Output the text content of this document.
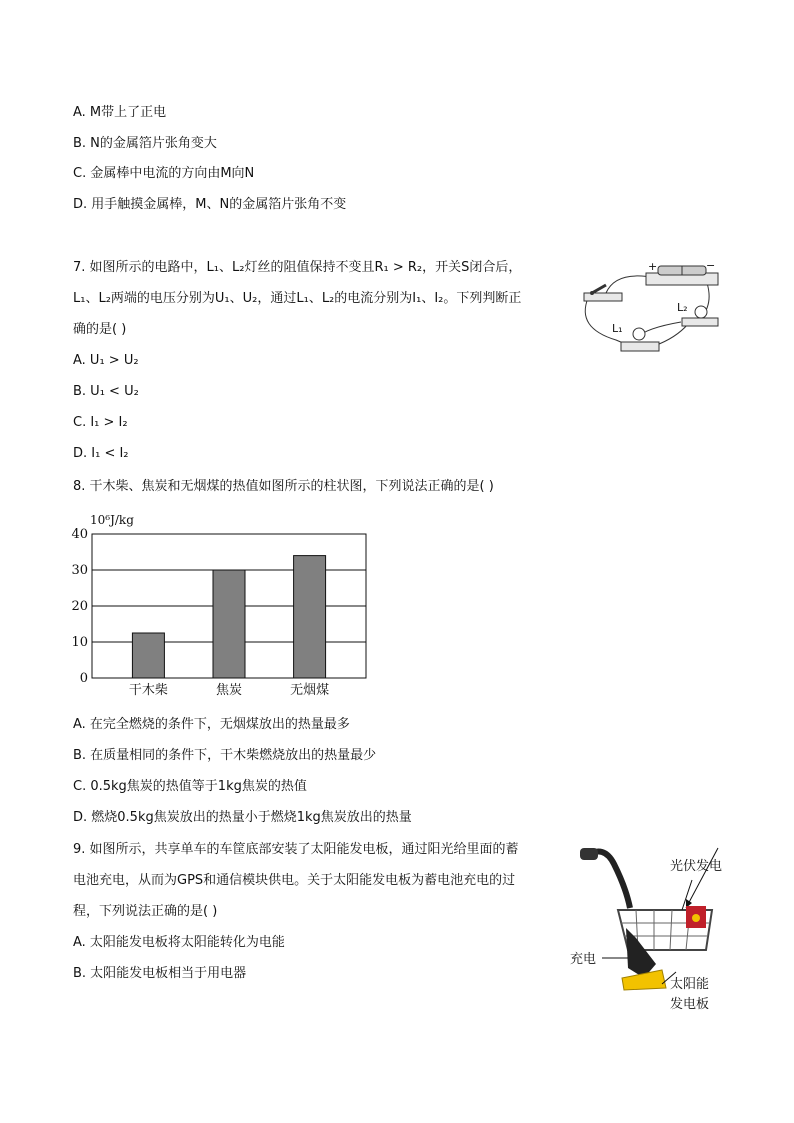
A. M带上了正电
B. N的金属箔片张角变大
C. 金属棒中电流的方向由M向N
D. 用手触摸金属棒，M、N的金属箔片张角不变
7. 如图所示的电路中，L₁、L₂灯丝的阻值保持不变且R₁ > R₂，开关S闭合后，
L₁、L₂两端的电压分别为U₁、U₂，通过L₁、L₂的电流分别为I₁、I₂。下列判断正
确的是( )
A. U₁ > U₂
B. U₁ < U₂
C. I₁ > I₂
D. I₁ < I₂
+	−
L₂
L₁
8. 干木柴、焦炭和无烟煤的热值如图所示的柱状图，下列说法正确的是( )
10⁶J/kg
0
10
20
30
40
干木柴	焦炭	无烟煤
A. 在完全燃烧的条件下，无烟煤放出的热量最多
B. 在质量相同的条件下，干木柴燃烧放出的热量最少
C. 0.5kg焦炭的热值等于1kg焦炭的热值
D. 燃烧0.5kg焦炭放出的热量小于燃烧1kg焦炭放出的热量
9. 如图所示，共享单车的车筐底部安装了太阳能发电板，通过阳光给里面的蓄
电池充电，从而为GPS和通信模块供电。关于太阳能发电板为蓄电池充电的过
程，下列说法正确的是( )
A. 太阳能发电板将太阳能转化为电能
B. 太阳能发电板相当于用电器
光伏发电
充电
太阳能
发电板
